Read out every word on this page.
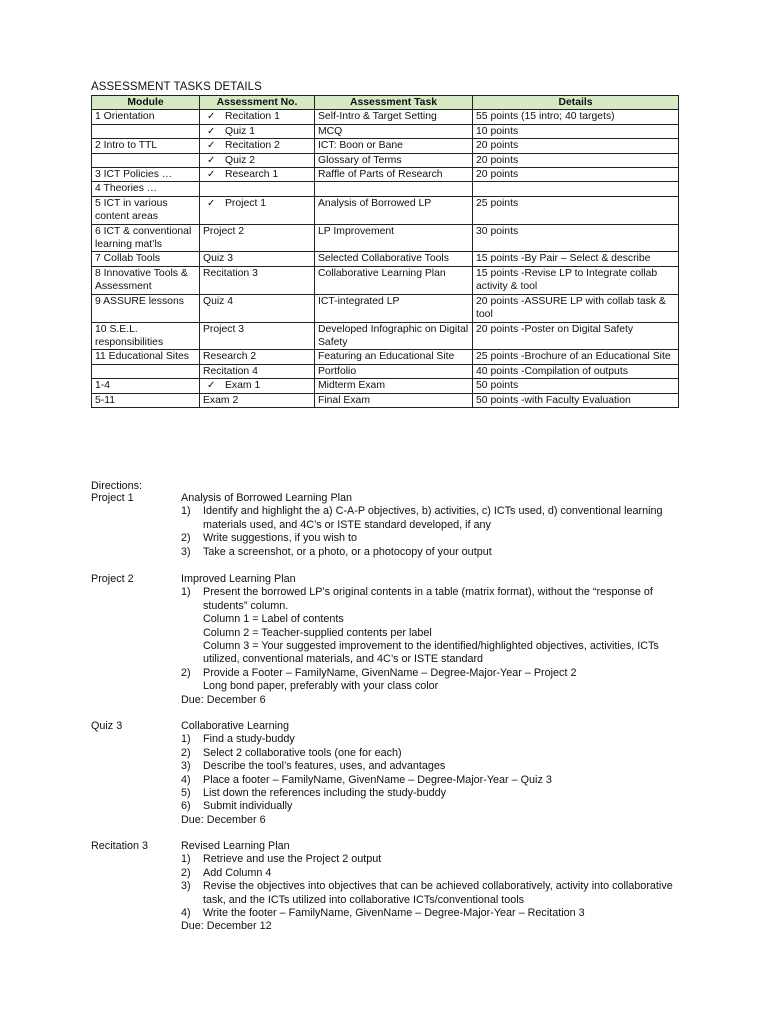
ASSESSMENT TASKS DETAILS
Module	Assessment No.	Assessment Task	Details
1 Orientation	✓ Recitation 1	Self-Intro & Target Setting	55 points (15 intro; 40 targets)
	✓ Quiz 1	MCQ	10 points
2 Intro to TTL	✓ Recitation 2	ICT: Boon or Bane	20 points
	✓ Quiz 2	Glossary of Terms	20 points
3 ICT Policies …	✓ Research 1	Raffle of Parts of Research	20 points
4 Theories …			
5 ICT in various content areas	✓ Project 1	Analysis of Borrowed LP	25 points
6 ICT & conventional learning mat’ls	Project 2	LP Improvement	30 points
7 Collab Tools	Quiz 3	Selected Collaborative Tools	15 points -By Pair – Select & describe
8 Innovative Tools & Assessment	Recitation 3	Collaborative Learning Plan	15 points -Revise LP to Integrate collab activity & tool
9 ASSURE lessons	Quiz 4	ICT-integrated LP	20 points -ASSURE LP with collab task & tool
10 S.E.L. responsibilities	Project 3	Developed Infographic on Digital Safety	20 points -Poster on Digital Safety
11 Educational Sites	Research 2	Featuring an Educational Site	25 points -Brochure of an Educational Site
	Recitation 4	Portfolio	40 points -Compilation of outputs
1-4	✓ Exam 1	Midterm Exam	50 points
5-11	Exam 2	Final Exam	50 points -with Faculty Evaluation
Directions:
Project 1	Analysis of Borrowed Learning Plan
1) Identify and highlight the a) C-A-P objectives, b) activities, c) ICTs used, d) conventional learning materials used, and 4C’s or ISTE standard developed, if any
2) Write suggestions, if you wish to
3) Take a screenshot, or a photo, or a photocopy of your output
Project 2	Improved Learning Plan
1) Present the borrowed LP’s original contents in a table (matrix format), without the “response of students” column.
Column 1 = Label of contents
Column 2 = Teacher-supplied contents per label
Column 3 = Your suggested improvement to the identified/highlighted objectives, activities, ICTs utilized, conventional materials, and 4C’s or ISTE standard
2) Provide a Footer – FamilyName, GivenName – Degree-Major-Year – Project 2
Long bond paper, preferably with your class color
Due: December 6
Quiz 3	Collaborative Learning
1) Find a study-buddy
2) Select 2 collaborative tools (one for each)
3) Describe the tool’s features, uses, and advantages
4) Place a footer – FamilyName, GivenName – Degree-Major-Year – Quiz 3
5) List down the references including the study-buddy
6) Submit individually
Due: December 6
Recitation 3	Revised Learning Plan
1) Retrieve and use the Project 2 output
2) Add Column 4
3) Revise the objectives into objectives that can be achieved collaboratively, activity into collaborative task, and the ICTs utilized into collaborative ICTs/conventional tools
4) Write the footer – FamilyName, GivenName – Degree-Major-Year – Recitation 3
Due: December 12
